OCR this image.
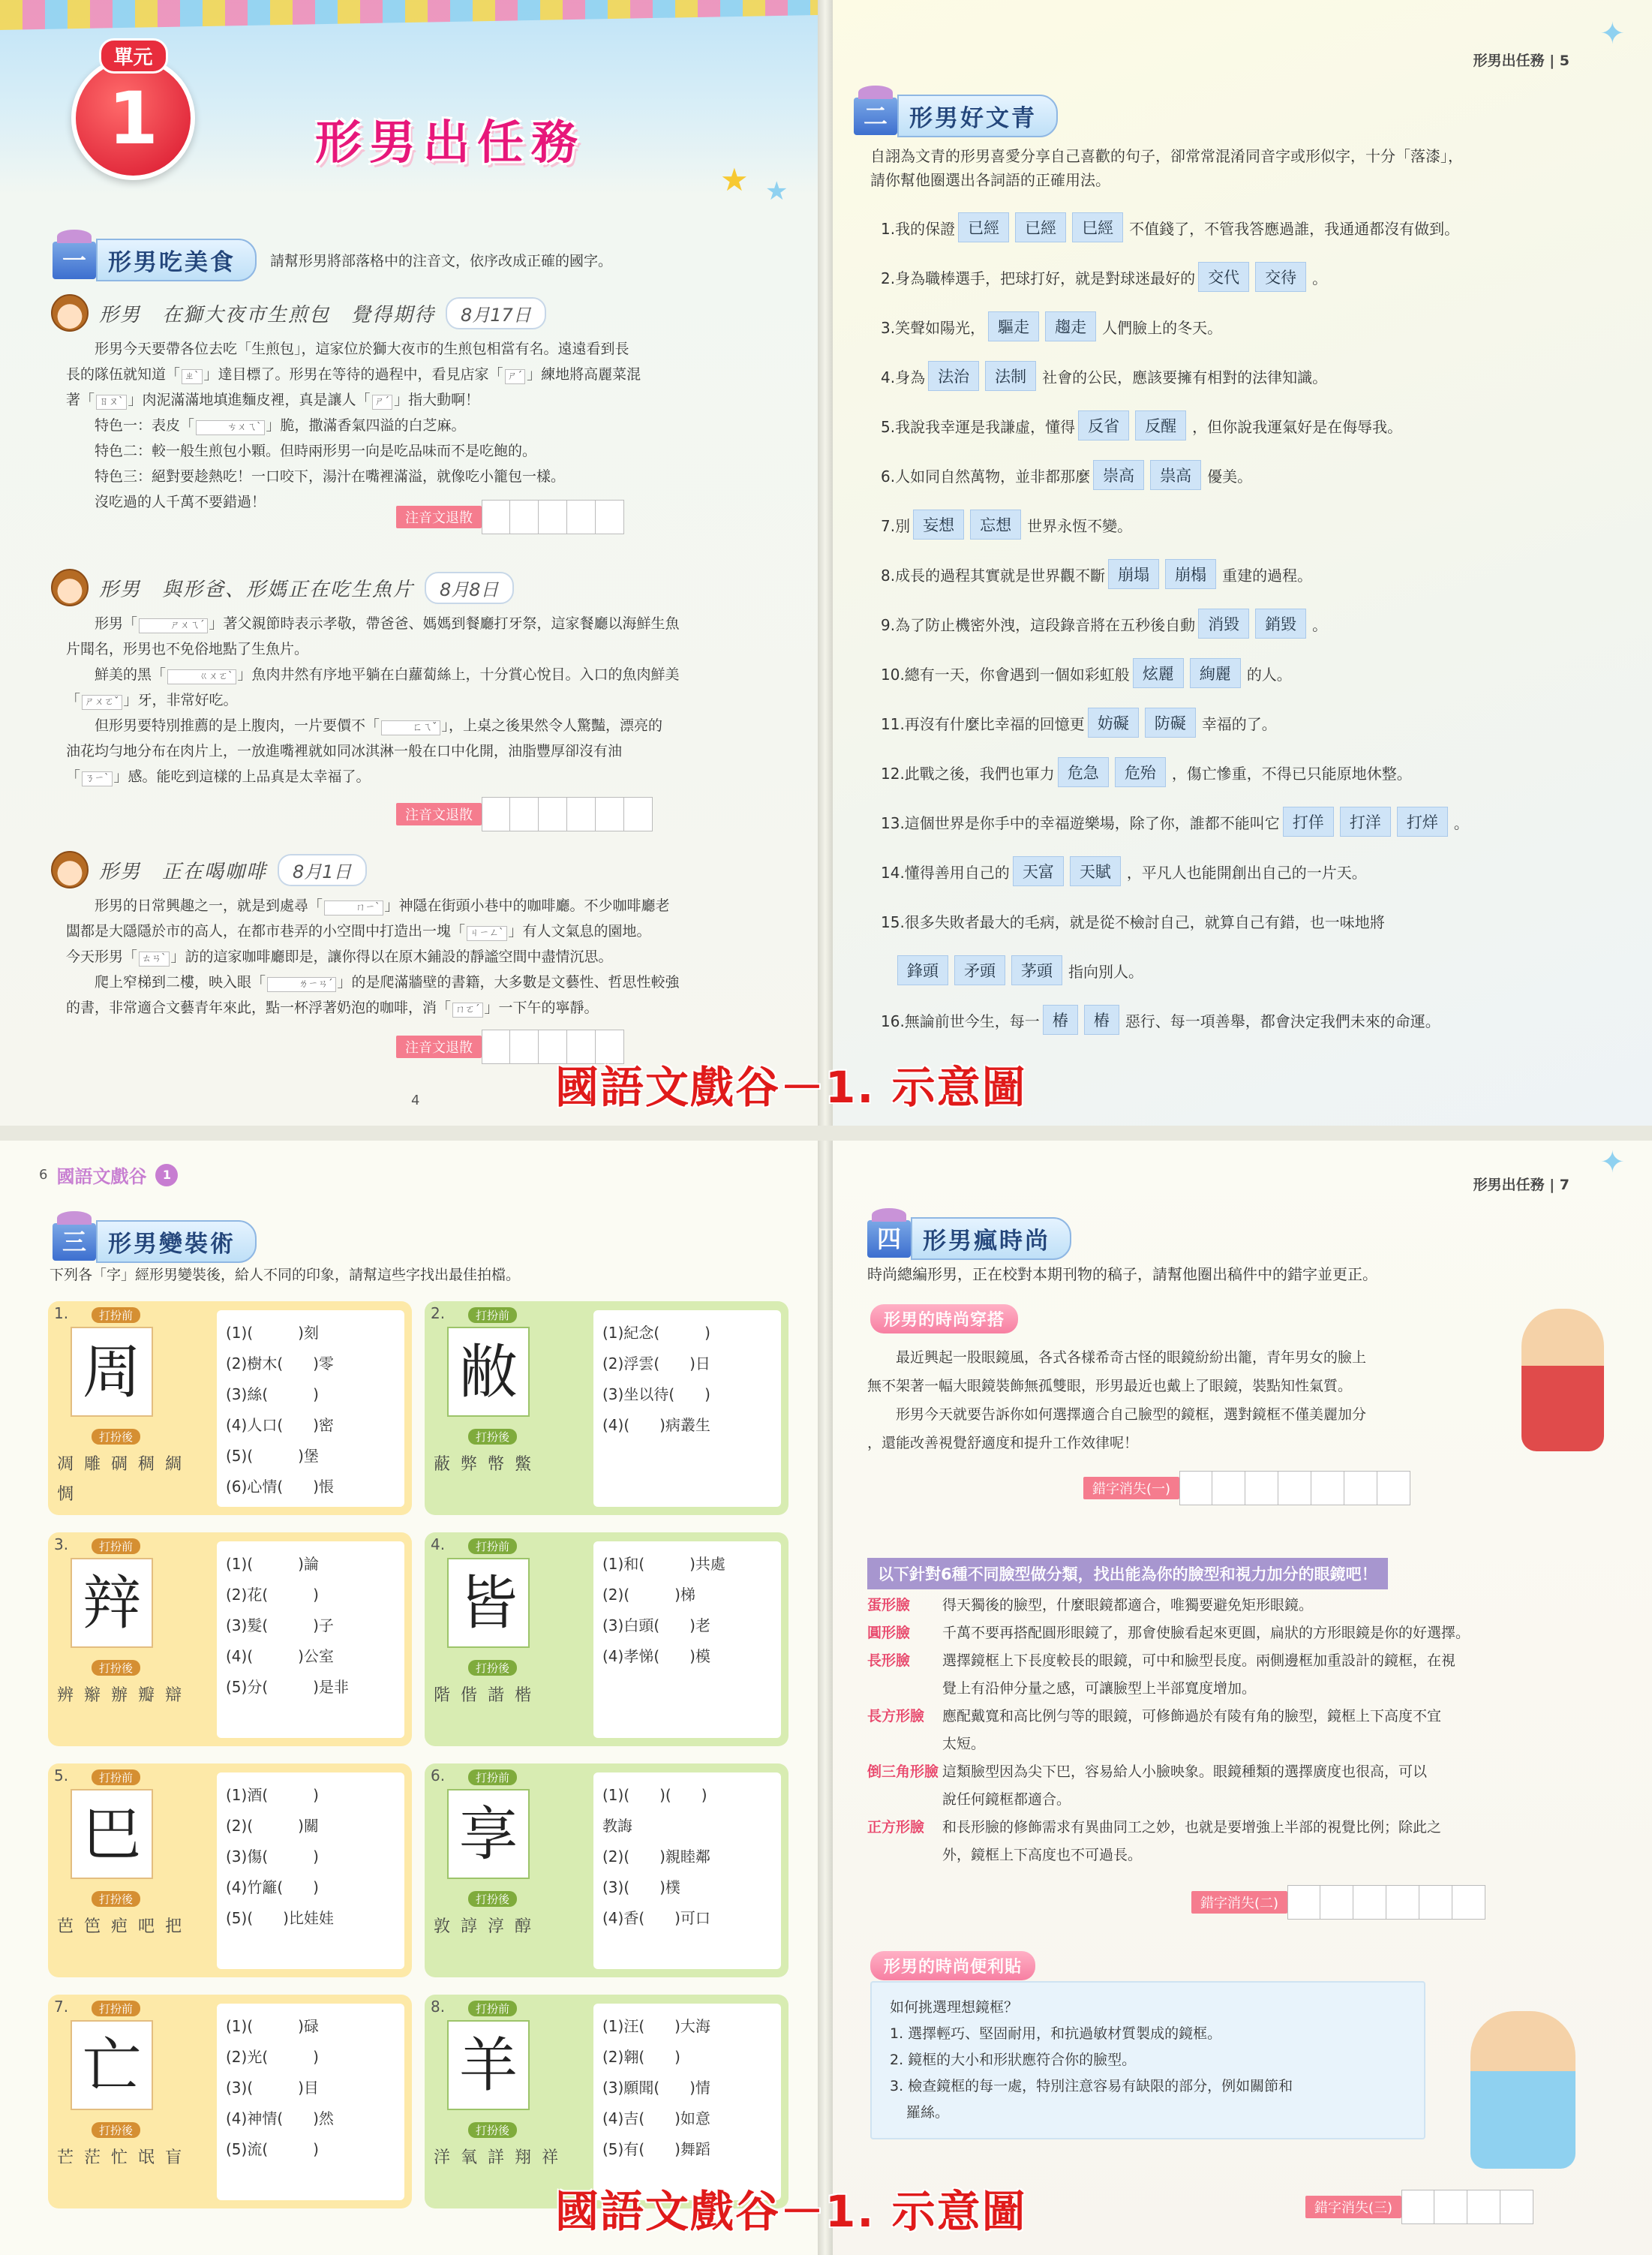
單元
1	形男出任務
★ ★
一 形男吃美食	請幫形男將部落格中的注音文，依序改成正確的國字。
形男　在獅大夜市生煎包　覺得期待	8月17日

形男今天要帶各位去吃「生煎包」，這家位於獅大夜市的生煎包相當有名。遠遠看到長

長的隊伍就知道「 ㄓˋ 」達目標了。形男在等待的過程中，看見店家「 ㄕˊ 」練地將高麗菜混

著「 ㄖㄡˋ 」肉泥滿滿地填進麵皮裡，真是讓人「 ㄕˊ 」指大動啊！

特色一：表皮「	ㄘㄨㄟˋ 」脆，撒滿香氣四溢的白芝麻。

特色二：較一般生煎包小顆。但時兩形男一向是吃品味而不是吃飽的。

特色三：絕對要趁熱吃！一口咬下，湯汁在嘴裡滿溢，就像吃小籠包一樣。

沒吃過的人千萬不要錯過！

注音文退散
形男　與形爸、形媽正在吃生魚片	8月8日

形男「	ㄕㄨㄟˊ 」著父親節時表示孝敬，帶爸爸、媽媽到餐廳打牙祭，這家餐廳以海鮮生魚

片聞名，形男也不免俗地點了生魚片。

鮮美的黑「	ㄍㄨㄛˋ 」魚肉井然有序地平躺在白蘿蔔絲上，十分賞心悅目。入口的魚肉鮮美

「 ㄕㄨㄛˇ 」牙，非常好吃。

但形男要特別推薦的是上腹肉，一片要價不「	ㄈㄟˇ 」，上桌之後果然令人驚豔，漂亮的

油花均勻地分布在肉片上，一放進嘴裡就如同冰淇淋一般在口中化開，油脂豐厚卻沒有油

「 ㄋㄧˋ 」感。能吃到這樣的上品真是太幸福了。

注音文退散
形男　正在喝咖啡	8月1日

形男的日常興趣之一，就是到處尋「	ㄇㄧˋ 」神隱在街頭小巷中的咖啡廳。不少咖啡廳老

闆都是大隱隱於市的高人，在都市巷弄的小空間中打造出一塊「 ㄐㄧㄥˋ 」有人文氣息的園地。

今天形男「 ㄊㄢˋ 」訪的這家咖啡廳即是，讓你得以在原木鋪設的靜謐空間中盡情沉思。

爬上窄梯到二樓，映入眼「	ㄌㄧㄢˊ 」的是爬滿牆壁的書籍，大多數是文藝性、哲思性較強

的書，非常適合文藝青年來此，點一杯浮著奶泡的咖啡，消「 ㄇㄛˊ 」一下午的寧靜。

注音文退散
4
形男出任務 | 5
✦
二 形男好文青
自詡為文青的形男喜愛分享自己喜歡的句子，卻常常混淆同音字或形似字，十分「落漆」，
請你幫他圈選出各詞語的正確用法。
1.我的保證 已經	已經	巳經	不值錢了，不管我答應過誰，我通通都沒有做到。
2.身為職棒選手，把球打好，就是對球迷最好的 交代	交待	。
3.笑聲如陽光， 驅走	趨走	人們臉上的冬天。
4.身為 法治	法制	社會的公民，應該要擁有相對的法律知識。
5.我說我幸運是我謙虛，懂得 反省	反醒	，但你說我運氣好是在侮辱我。
6.人如同自然萬物，並非都那麼 崇高	祟高	優美。
7.別 妄想	忘想	世界永恆不變。
8.成長的過程其實就是世界觀不斷 崩塌	崩榻	重建的過程。
9.為了防止機密外洩，這段錄音將在五秒後自動 消毀	銷毀	。
10.總有一天，你會遇到一個如彩虹般 炫麗	絢麗	的人。
11.再沒有什麼比幸福的回憶更 妨礙	防礙	幸福的了。
12.此戰之後，我們也軍力 危急	危殆	，傷亡慘重，不得已只能原地休整。
13.這個世界是你手中的幸福遊樂場，除了你，誰都不能叫它 打佯	打洋	打烊	。
14.懂得善用自己的 天富	天賦	，平凡人也能開創出自己的一片天。
15.很多失敗者最大的毛病，就是從不檢討自己，就算自己有錯，也一味地將
鋒頭	矛頭	茅頭	指向別人。
16.無論前世今生，每一 椿	樁	惡行、每一項善舉，都會決定我們未來的命運。
6 國語文戲谷	1
三 形男變裝術
下列各「字」經形男變裝後，給人不同的印象，請幫這些字找出最佳拍檔。
1.	打扮前
周
打扮後
凋雕碉稠綢惆
(1)(　　　)刻
(2)樹木(　　)零
(3)絲(　　　)
(4)人口(　　)密
(5)(　　　)堡
(6)心情(　　)悵
2.	打扮前
敝
打扮後
蔽弊幣鱉
(1)紀念(　　　)
(2)浮雲(　　)日
(3)坐以待(　　)
(4)(　　)病叢生
3.	打扮前
辡
打扮後
辨辮辦瓣辯
(1)(　　　)論
(2)花(　　　)
(3)髮(　　　)子
(4)(　　　)公室
(5)分(　　　)是非
4.	打扮前
皆
打扮後
階偕諧楷
(1)和(　　　)共處
(2)(　　　)梯
(3)白頭(　　)老
(4)孝悌(　　)模
5.	打扮前
巴
打扮後
芭笆疤吧把
(1)酒(　　　)
(2)(　　　)關
(3)傷(　　　)
(4)竹籬(　　)
(5)(　　)比娃娃
6.	打扮前
享
打扮後
敦諄淳醇
(1)(　　)(　　)
教誨
(2)(　　)親睦鄰
(3)(　　)樸
(4)香(　　)可口
7.	打扮前
亡
打扮後
芒茫忙氓盲
(1)(　　　)碌
(2)光(　　　)
(3)(　　　)目
(4)神情(　　)然
(5)流(　　　)
8.	打扮前
羊
打扮後
洋氧詳翔祥
(1)汪(　　)大海
(2)翱(　　)
(3)願聞(　　)情
(4)吉(　　)如意
(5)有(　　)舞蹈
形男出任務 | 7
✦
四 形男瘋時尚
時尚總編形男，正在校對本期刊物的稿子，請幫他圈出稿件中的錯字並更正。
形男的時尚穿搭

最近興起一股眼鏡風，各式各樣希奇古怪的眼鏡紛紛出籠，青年男女的臉上

無不架著一幅大眼鏡裝飾無孤雙眼，形男最近也戴上了眼鏡，裝點知性氣質。

形男今天就要告訴你如何選擇適合自己臉型的鏡框，選對鏡框不僅美麗加分

，還能改善視覺舒適度和提升工作效律呢！

錯字消失(一)
以下針對6種不同臉型做分類，找出能為你的臉型和視力加分的眼鏡吧！
蛋形臉	得天獨後的臉型，什麼眼鏡都適合，唯獨要避免矩形眼鏡。
圓形臉	千萬不要再搭配圓形眼鏡了，那會使臉看起來更圓，扁狀的方形眼鏡是你的好選擇。
長形臉	選擇鏡框上下長度較長的眼鏡，可中和臉型長度。兩側邊框加重設計的鏡框，在視
覺上有沿伸分量之感，可讓臉型上半部寬度增加。
長方形臉	應配戴寬和高比例勻等的眼鏡，可修飾過於有陵有角的臉型，鏡框上下高度不宜
太短。
倒三角形臉 這類臉型因為尖下巴，容易給人小臉映象。眼鏡種類的選擇廣度也很高，可以
說任何鏡框都適合。
正方形臉	和長形臉的修飾需求有異曲同工之妙，也就是要增強上半部的視覺比例；除此之
外，鏡框上下高度也不可過長。
錯字消失(二)
形男的時尚便利貼
如何挑選理想鏡框？
1. 選擇輕巧、堅固耐用，和抗過敏材質製成的鏡框。
2. 鏡框的大小和形狀應符合你的臉型。
3. 檢查鏡框的每一處，特別注意容易有缺限的部分，例如關節和
羅絲。
錯字消失(三)
國語文戲谷－1. 示意圖
國語文戲谷－1. 示意圖
